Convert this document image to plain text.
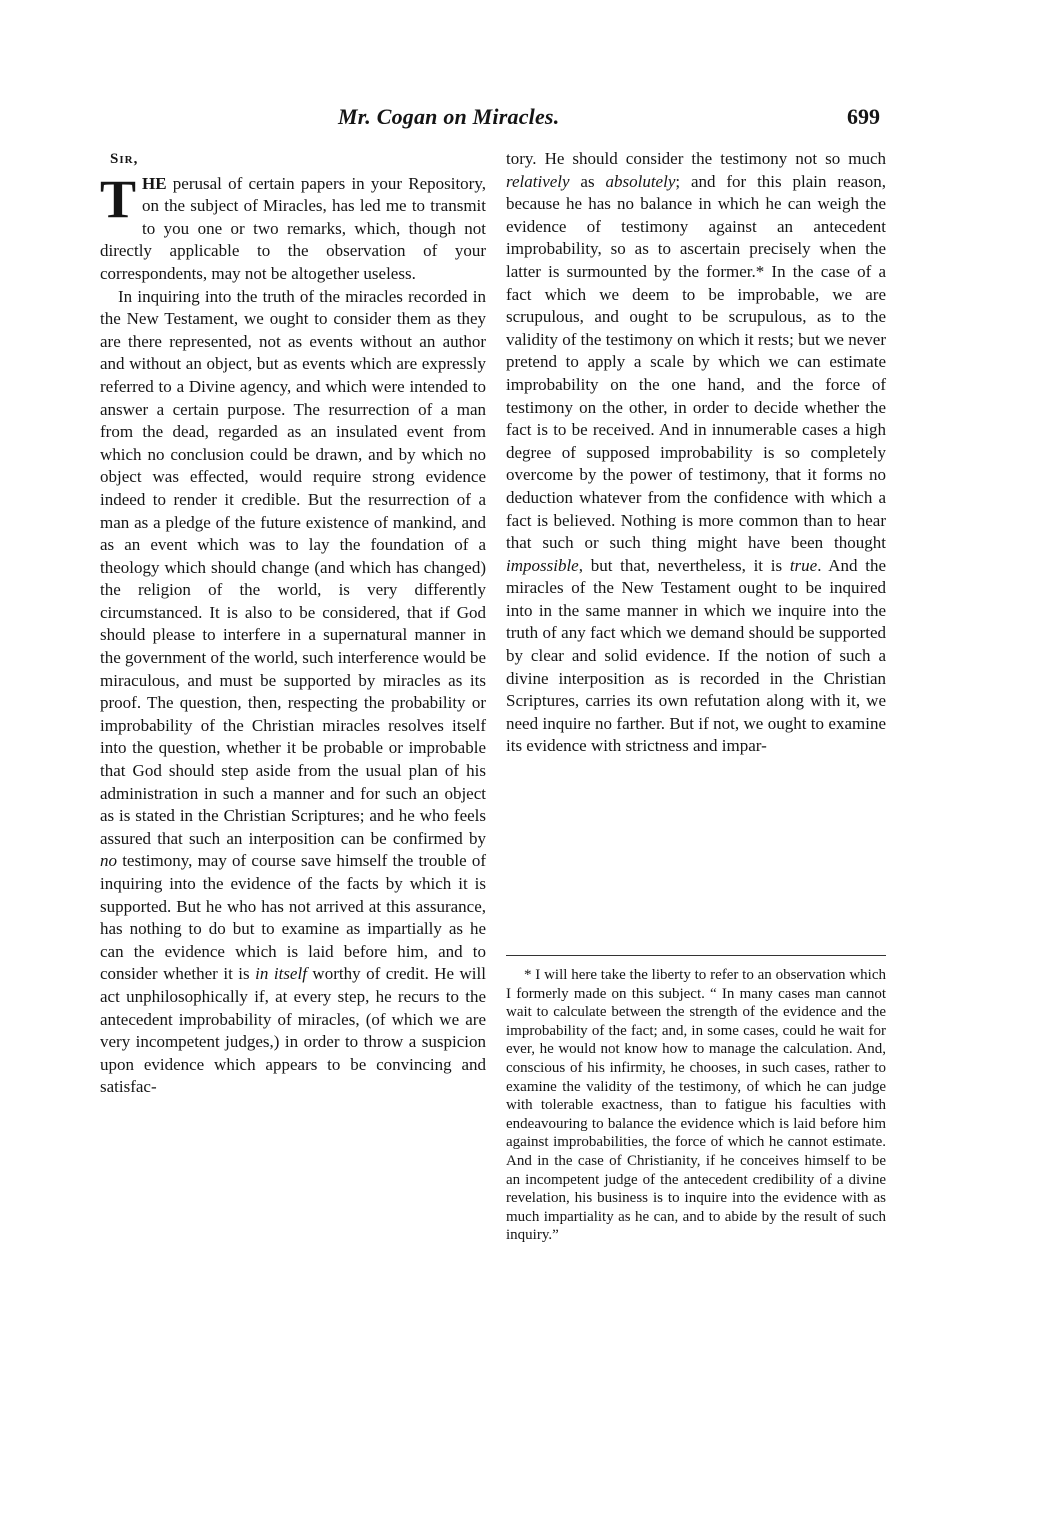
Mr. Cogan on Miracles.	699
Sir,

THE perusal of certain papers in your Repository, on the subject of Miracles, has led me to transmit to you one or two remarks, which, though not directly applicable to the observation of your correspondents, may not be altogether useless.

In inquiring into the truth of the miracles recorded in the New Testament, we ought to consider them as they are there represented, not as events without an author and without an object, but as events which are expressly referred to a Divine agency, and which were intended to answer a certain purpose. The resurrection of a man from the dead, regarded as an insulated event from which no conclusion could be drawn, and by which no object was effected, would require strong evidence indeed to render it credible. But the resurrection of a man as a pledge of the future existence of mankind, and as an event which was to lay the foundation of a theology which should change (and which has changed) the religion of the world, is very differently circumstanced. It is also to be considered, that if God should please to interfere in a supernatural manner in the government of the world, such interference would be miraculous, and must be supported by miracles as its proof. The question, then, respecting the probability or improbability of the Christian miracles resolves itself into the question, whether it be probable or improbable that God should step aside from the usual plan of his administration in such a manner and for such an object as is stated in the Christian Scriptures; and he who feels assured that such an interposition can be confirmed by no testimony, may of course save himself the trouble of inquiring into the evidence of the facts by which it is supported. But he who has not arrived at this assurance, has nothing to do but to examine as impartially as he can the evidence which is laid before him, and to consider whether it is in itself worthy of credit. He will act unphilosophically if, at every step, he recurs to the antecedent improbability of miracles, (of which we are very incompetent judges,) in order to throw a suspicion upon evidence which appears to be convincing and satisfac-

tory. He should consider the testimony not so much relatively as absolutely; and for this plain reason, because he has no balance in which he can weigh the evidence of testimony against an antecedent improbability, so as to ascertain precisely when the latter is surmounted by the former.* In the case of a fact which we deem to be improbable, we are scrupulous, and ought to be scrupulous, as to the validity of the testimony on which it rests; but we never pretend to apply a scale by which we can estimate improbability on the one hand, and the force of testimony on the other, in order to decide whether the fact is to be received. And in innumerable cases a high degree of supposed improbability is so completely overcome by the power of testimony, that it forms no deduction whatever from the confidence with which a fact is believed. Nothing is more common than to hear that such or such thing might have been thought impossible, but that, nevertheless, it is true. And the miracles of the New Testament ought to be inquired into in the same manner in which we inquire into the truth of any fact which we demand should be supported by clear and solid evidence. If the notion of such a divine interposition as is recorded in the Christian Scriptures, carries its own refutation along with it, we need inquire no farther. But if not, we ought to examine its evidence with strictness and impar-

* I will here take the liberty to refer to an observation which I formerly made on this subject. “ In many cases man cannot wait to calculate between the strength of the evidence and the improbability of the fact; and, in some cases, could he wait for ever, he would not know how to manage the calculation. And, conscious of his infirmity, he chooses, in such cases, rather to examine the validity of the testimony, of which he can judge with tolerable exactness, than to fatigue his faculties with endeavouring to balance the evidence which is laid before him against improbabilities, the force of which he cannot estimate. And in the case of Christianity, if he conceives himself to be an incompetent judge of the antecedent credibility of a divine revelation, his business is to inquire into the evidence with as much impartiality as he can, and to abide by the result of such inquiry.”
